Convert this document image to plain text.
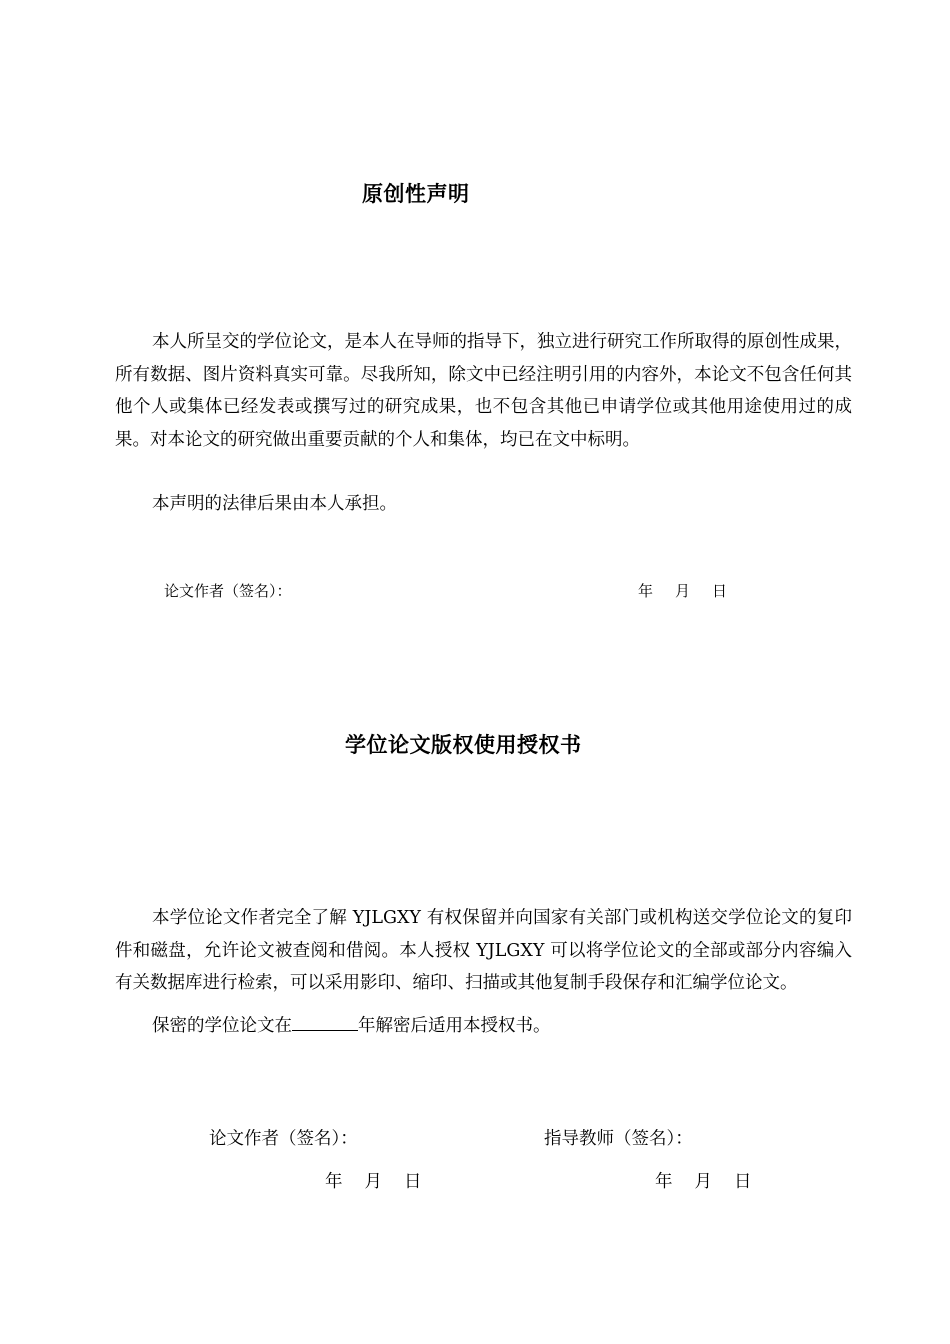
原创性声明
本人所呈交的学位论文，是本人在导师的指导下，独立进行研究工作所取得的原创性成果，所有数据、图片资料真实可靠。尽我所知，除文中已经注明引用的内容外，本论文不包含任何其他个人或集体已经发表或撰写过的研究成果，也不包含其他已申请学位或其他用途使用过的成果。对本论文的研究做出重要贡献的个人和集体，均已在文中标明。
本声明的法律后果由本人承担。
论文作者（签名）：	年 月 日
学位论文版权使用授权书
本学位论文作者完全了解 YJLGXY 有权保留并向国家有关部门或机构送交学位论文的复印件和磁盘，允许论文被查阅和借阅。本人授权 YJLGXY 可以将学位论文的全部或部分内容编入有关数据库进行检索，可以采用影印、缩印、扫描或其他复制手段保存和汇编学位论文。
保密的学位论文在	年解密后适用本授权书。
论文作者（签名）：	指导教师（签名）：
年 月 日	年 月 日
